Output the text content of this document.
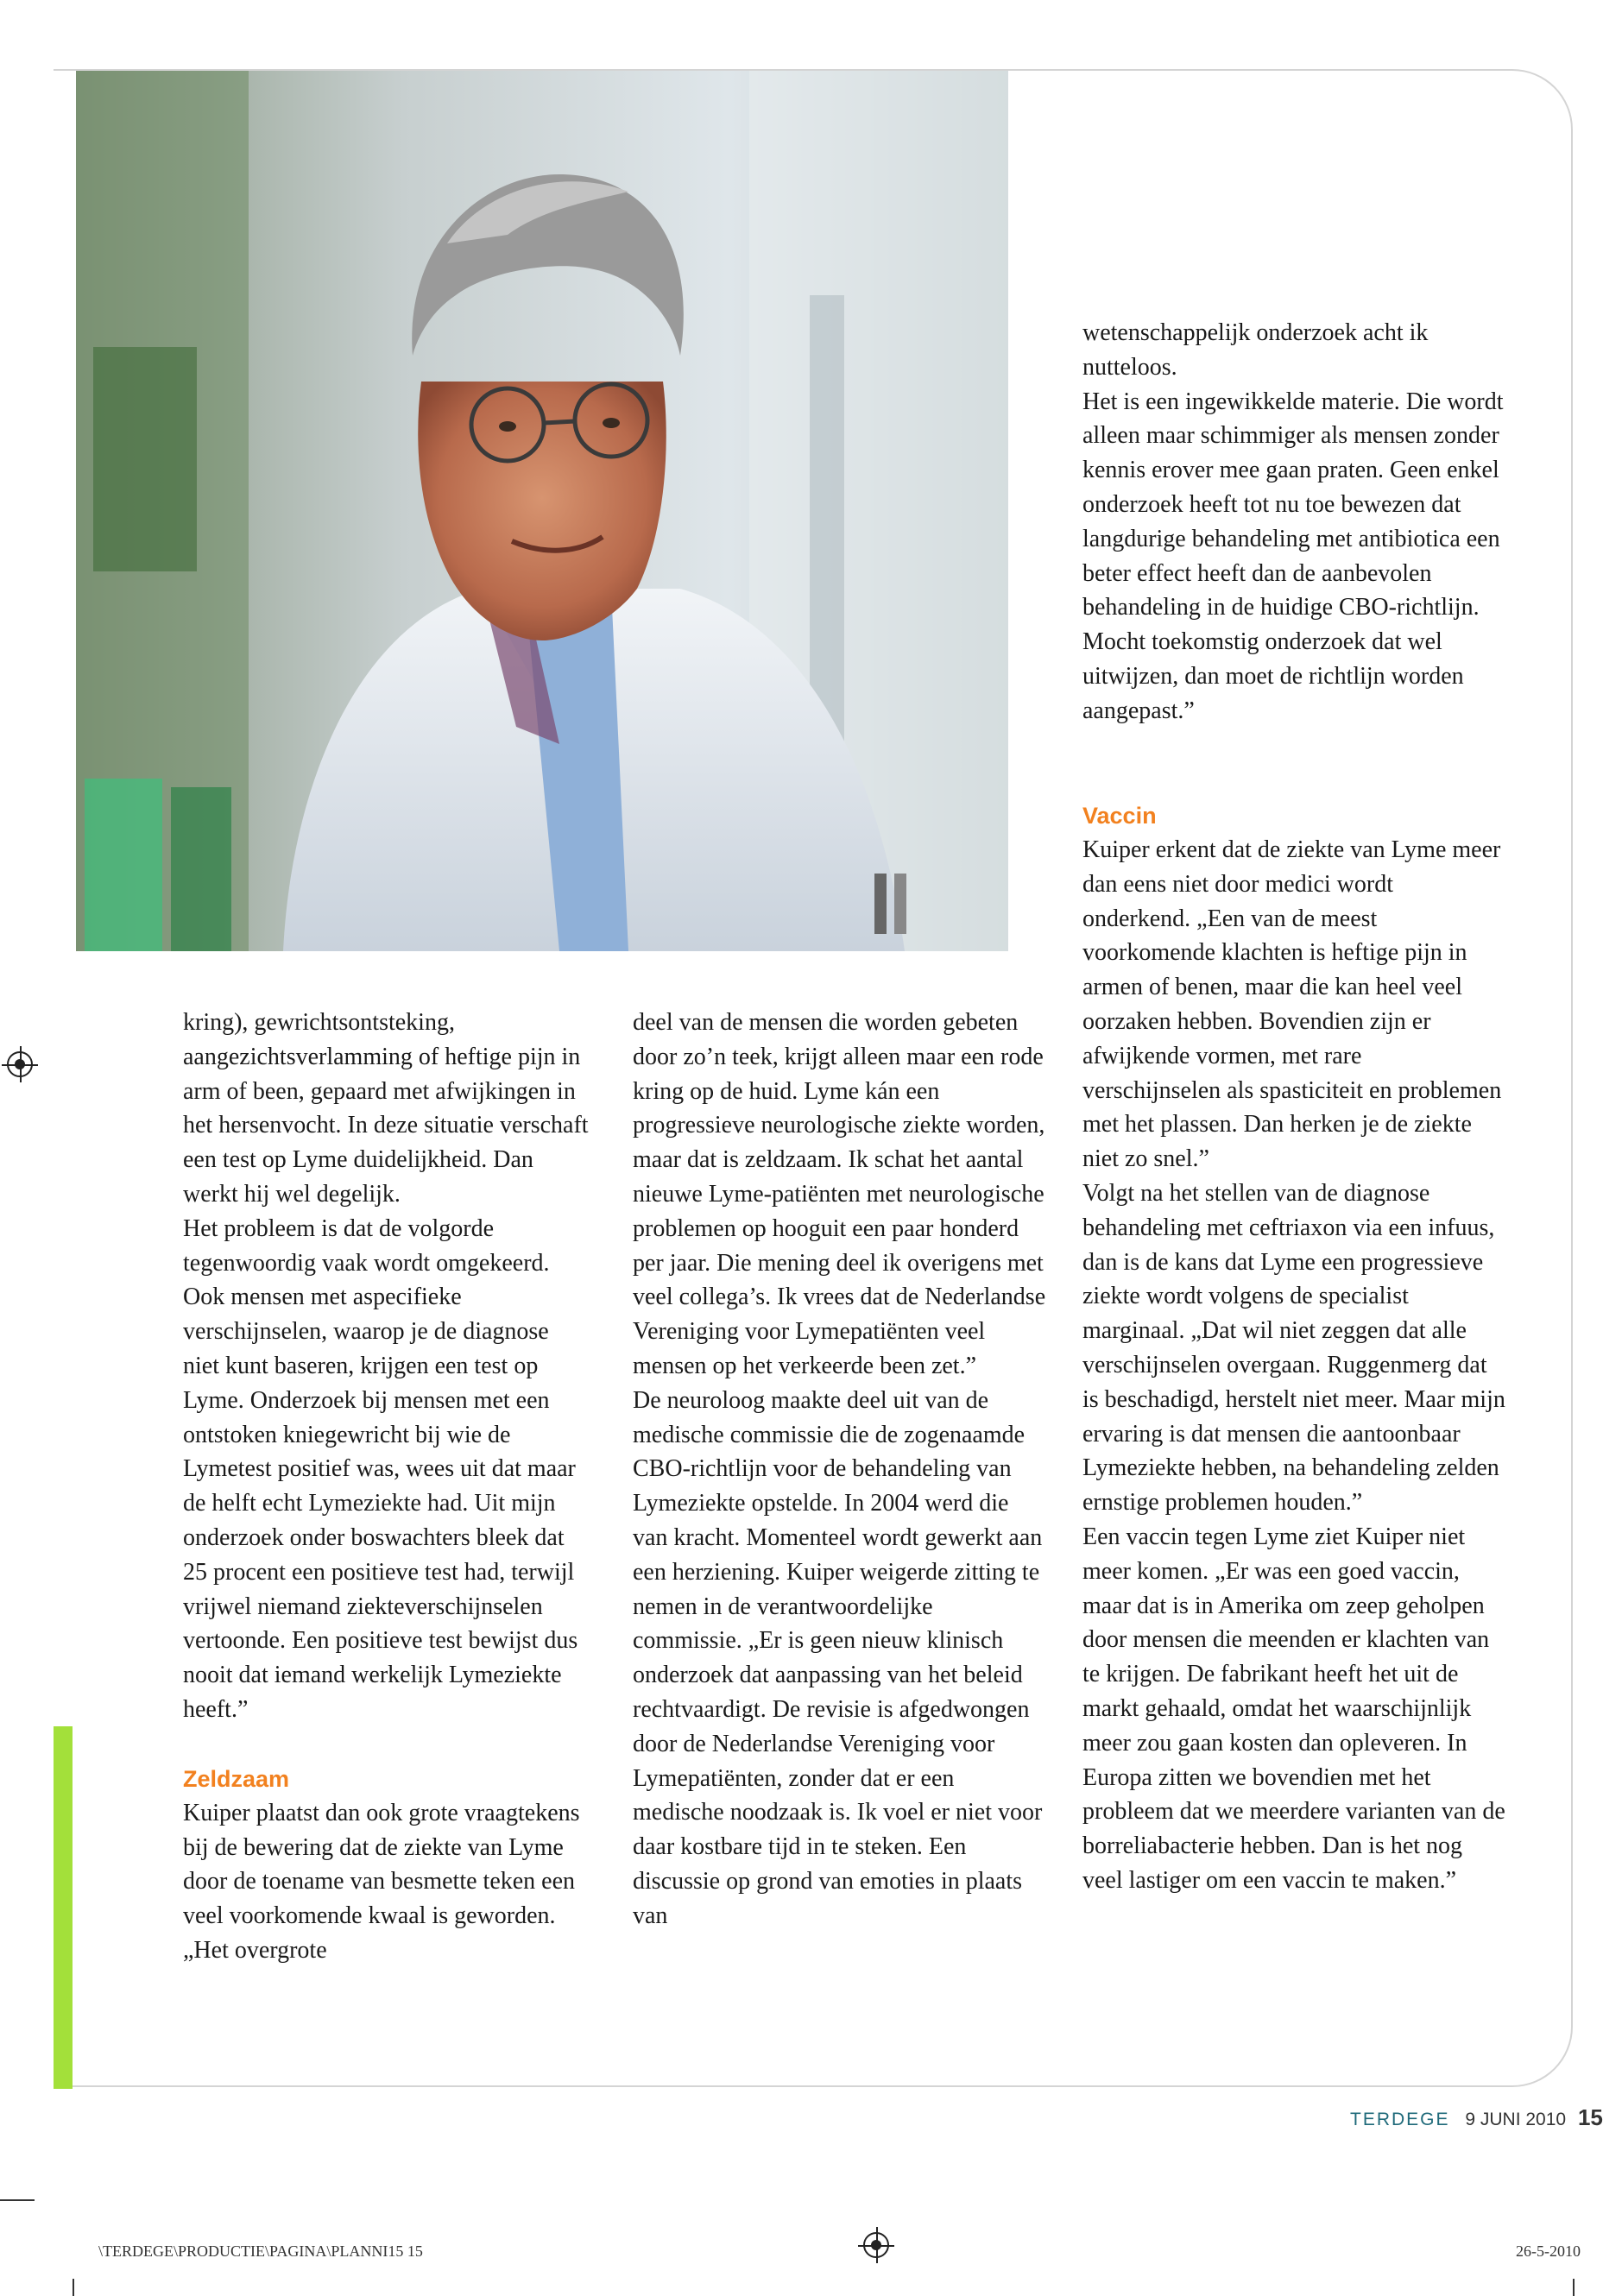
kring), gewrichtsontsteking, aangezichtsverlamming of heftige pijn in arm of been, gepaard met afwijkingen in het hersenvocht. In deze situatie verschaft een test op Lyme duidelijkheid. Dan werkt hij wel degelijk.

Het probleem is dat de volgorde tegenwoordig vaak wordt omgekeerd. Ook mensen met aspecifieke verschijnselen, waarop je de diagnose niet kunt baseren, krijgen een test op Lyme. Onderzoek bij mensen met een ontstoken kniegewricht bij wie de Lymetest positief was, wees uit dat maar de helft echt Lymeziekte had. Uit mijn onderzoek onder boswachters bleek dat 25 procent een positieve test had, terwijl vrijwel niemand ziekteverschijnselen vertoonde. Een positieve test bewijst dus nooit dat iemand werkelijk Lymeziekte heeft.”

Zeldzaam

Kuiper plaatst dan ook grote vraagtekens bij de bewering dat de ziekte van Lyme door de toename van besmette teken een veel voorkomende kwaal is geworden. „Het overgrote

deel van de mensen die worden gebeten door zo’n teek, krijgt alleen maar een rode kring op de huid. Lyme kán een progressieve neurologische ziekte worden, maar dat is zeldzaam. Ik schat het aantal nieuwe Lyme-patiënten met neurologische problemen op hooguit een paar honderd per jaar. Die mening deel ik overigens met veel collega’s. Ik vrees dat de Nederlandse Vereniging voor Lymepatiënten veel mensen op het verkeerde been zet.”

De neuroloog maakte deel uit van de medische commissie die de zogenaamde CBO-richtlijn voor de behandeling van Lymeziekte opstelde. In 2004 werd die van kracht. Momenteel wordt gewerkt aan een herziening. Kuiper weigerde zitting te nemen in de verantwoordelijke commissie. „Er is geen nieuw klinisch onderzoek dat aanpassing van het beleid rechtvaardigt. De revisie is afgedwongen door de Nederlandse Vereniging voor Lymepatiënten, zonder dat er een medische noodzaak is. Ik voel er niet voor daar kostbare tijd in te steken. Een discussie op grond van emoties in plaats van

wetenschappelijk onderzoek acht ik nutteloos.

Het is een ingewikkelde materie. Die wordt alleen maar schimmiger als mensen zonder kennis erover mee gaan praten. Geen enkel onderzoek heeft tot nu toe bewezen dat langdurige behandeling met antibiotica een beter effect heeft dan de aanbevolen behandeling in de huidige CBO-richtlijn. Mocht toekomstig onderzoek dat wel uitwijzen, dan moet de richtlijn worden aangepast.”

Vaccin

Kuiper erkent dat de ziekte van Lyme meer dan eens niet door medici wordt onderkend. „Een van de meest voorkomende klachten is heftige pijn in armen of benen, maar die kan heel veel oorzaken hebben. Bovendien zijn er afwijkende vormen, met rare verschijnselen als spasticiteit en problemen met het plassen. Dan herken je de ziekte niet zo snel.”

Volgt na het stellen van de diagnose behandeling met ceftriaxon via een infuus, dan is de kans dat Lyme een progressieve ziekte wordt volgens de specialist marginaal. „Dat wil niet zeggen dat alle verschijnselen overgaan. Ruggenmerg dat is beschadigd, herstelt niet meer. Maar mijn ervaring is dat mensen die aantoonbaar Lymeziekte hebben, na behandeling zelden ernstige problemen houden.”

Een vaccin tegen Lyme ziet Kuiper niet meer komen. „Er was een goed vaccin, maar dat is in Amerika om zeep geholpen door mensen die meenden er klachten van te krijgen. De fabrikant heeft het uit de markt gehaald, omdat het waarschijnlijk meer zou gaan kosten dan opleveren. In Europa zitten we bovendien met het probleem dat we meerdere varianten van de borreliabacterie hebben. Dan is het nog veel lastiger om een vaccin te maken.”

TERDEGE 9 JUNI 2010 15
\TERDEGE\PRODUCTIE\PAGINA\PLANNI15 15	26-5-2010
